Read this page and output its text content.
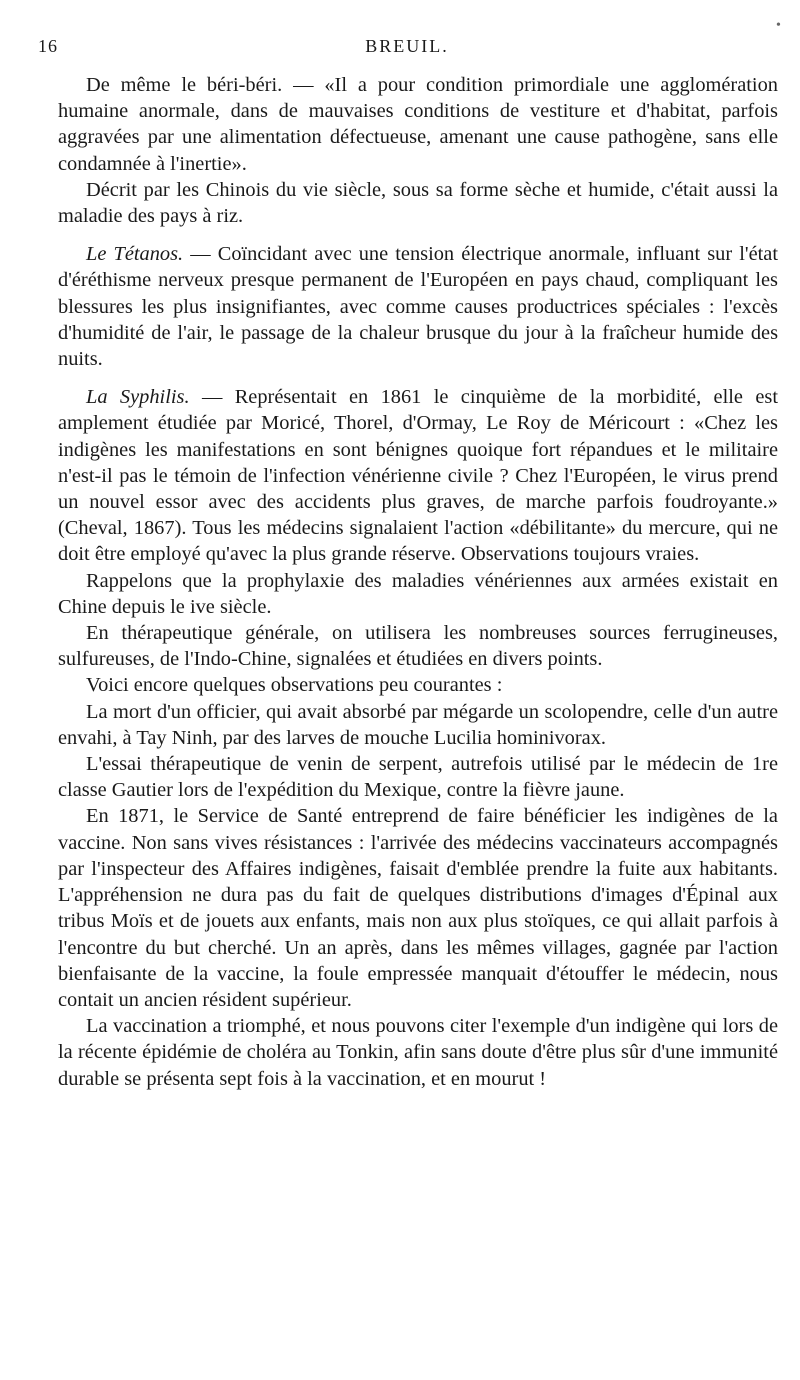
16	BREUIL.
•

De même le béri-béri. — «Il a pour condition primordiale une agglomération humaine anormale, dans de mauvaises conditions de vestiture et d'habitat, parfois aggravées par une alimentation défectueuse, amenant une cause pathogène, sans elle condamnée à l'inertie».

Décrit par les Chinois du vie siècle, sous sa forme sèche et humide, c'était aussi la maladie des pays à riz.

Le Tétanos. — Coïncidant avec une tension électrique anormale, influant sur l'état d'éréthisme nerveux presque permanent de l'Européen en pays chaud, compliquant les blessures les plus insignifiantes, avec comme causes productrices spéciales : l'excès d'humidité de l'air, le passage de la chaleur brusque du jour à la fraîcheur humide des nuits.

La Syphilis. — Représentait en 1861 le cinquième de la morbidité, elle est amplement étudiée par Moricé, Thorel, d'Ormay, Le Roy de Méricourt : «Chez les indigènes les manifestations en sont bénignes quoique fort répandues et le militaire n'est-il pas le témoin de l'infection vénérienne civile ? Chez l'Européen, le virus prend un nouvel essor avec des accidents plus graves, de marche parfois foudroyante.» (Cheval, 1867). Tous les médecins signalaient l'action «débilitante» du mercure, qui ne doit être employé qu'avec la plus grande réserve. Observations toujours vraies.

Rappelons que la prophylaxie des maladies vénériennes aux armées existait en Chine depuis le ive siècle.

En thérapeutique générale, on utilisera les nombreuses sources ferrugineuses, sulfureuses, de l'Indo-Chine, signalées et étudiées en divers points.

Voici encore quelques observations peu courantes :

La mort d'un officier, qui avait absorbé par mégarde un scolopendre, celle d'un autre envahi, à Tay Ninh, par des larves de mouche Lucilia hominivorax.

L'essai thérapeutique de venin de serpent, autrefois utilisé par le médecin de 1re classe Gautier lors de l'expédition du Mexique, contre la fièvre jaune.

En 1871, le Service de Santé entreprend de faire bénéficier les indigènes de la vaccine. Non sans vives résistances : l'arrivée des médecins vaccinateurs accompagnés par l'inspecteur des Affaires indigènes, faisait d'emblée prendre la fuite aux habitants. L'appréhension ne dura pas du fait de quelques distributions d'images d'Épinal aux tribus Moïs et de jouets aux enfants, mais non aux plus stoïques, ce qui allait parfois à l'encontre du but cherché. Un an après, dans les mêmes villages, gagnée par l'action bienfaisante de la vaccine, la foule empressée manquait d'étouffer le médecin, nous contait un ancien résident supérieur.

La vaccination a triomphé, et nous pouvons citer l'exemple d'un indigène qui lors de la récente épidémie de choléra au Tonkin, afin sans doute d'être plus sûr d'une immunité durable se présenta sept fois à la vaccination, et en mourut !
